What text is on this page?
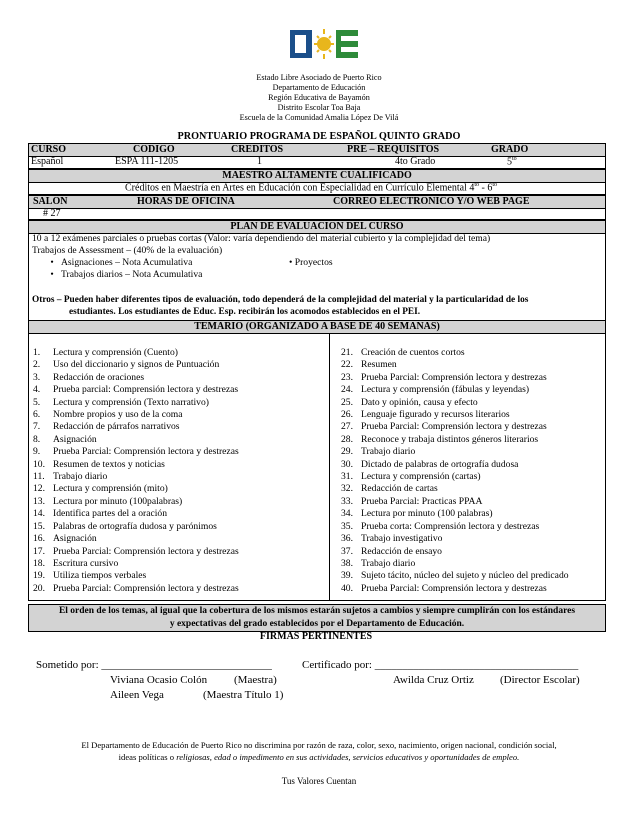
Estado Libre Asociado de Puerto Rico
Departamento de Educación
Región Educativa de Bayamón
Distrito Escolar Toa Baja
Escuela de la Comunidad Amalia López De Vilá
PRONTUARIO PROGRAMA DE ESPAÑOL QUINTO GRADO
CURSO	CODIGO	CREDITOS	PRE – REQUISITOS	GRADO
Español	ESPA 111-1205	1	4to Grado	$5^{to}$
MAESTRO ALTAMENTE CUALIFICADO
Créditos en Maestría en Artes en Educación con Especialidad en Currículo Elemental $4^{to} - 6^{to}$
SALON	HORAS DE OFICINA	CORREO ELECTRONICO Y/O WEB PAGE
# 27
PLAN DE EVALUACION DEL CURSO
10 a 12 exámenes parciales o pruebas cortas (Valor: varía dependiendo del material cubierto y la complejidad del tema)
Trabajos de Assessment – (40% de la evaluación)
• Asignaciones – Nota Acumulativa
• Trabajos diarios – Nota Acumulativa
• Proyectos
Otros – Pueden haber diferentes tipos de evaluación, todo dependerá de la complejidad del material y la particularidad de los
estudiantes. Los estudiantes de Educ. Esp. recibirán los acomodos establecidos en el PEI.
TEMARIO (ORGANIZADO A BASE DE 40 SEMANAS)
1. Lectura y comprensión (Cuento)
2. Uso del diccionario y signos de Puntuación
3. Redacción de oraciones
4. Prueba parcial: Comprensión lectora y destrezas
5. Lectura y comprensión (Texto narrativo)
6. Nombre propios y uso de la coma
7. Redacción de párrafos narrativos
8. Asignación
9. Prueba Parcial: Comprensión lectora y destrezas
10. Resumen de textos y noticias
11. Trabajo diario
12. Lectura y comprensión (mito)
13. Lectura por minuto (100palabras)
14. Identifica partes del a oración
15. Palabras de ortografía dudosa y parónimos
16. Asignación
17. Prueba Parcial: Comprensión lectora y destrezas
18. Escritura cursivo
19. Utiliza tiempos verbales
20. Prueba Parcial: Comprensión lectora y destrezas
21. Creación de cuentos cortos
22. Resumen
23. Prueba Parcial: Comprensión lectora y destrezas
24. Lectura y comprensión (fábulas y leyendas)
25. Dato y opinión, causa y efecto
26. Lenguaje figurado y recursos literarios
27. Prueba Parcial: Comprensión lectora y destrezas
28. Reconoce y trabaja distintos géneros literarios
29. Trabajo diario
30. Dictado de palabras de ortografía dudosa
31. Lectura y comprensión (cartas)
32. Redacción de cartas
33. Prueba Parcial: Practicas PPAA
34. Lectura por minuto (100 palabras)
35. Prueba corta: Comprensión lectora y destrezas
36. Trabajo investigativo
37. Redacción de ensayo
38. Trabajo diario
39. Sujeto tácito, núcleo del sujeto y núcleo del predicado
40. Prueba Parcial: Comprensión lectora y destrezas
El orden de los temas, al igual que la cobertura de los mismos estarán sujetos a cambios y siempre cumplirán con los estándares
y expectativas del grado establecidos por el Departamento de Educación.
FIRMAS PERTINENTES
Sometido por: _______________________________	Certificado por: _____________________________________
Viviana Ocasio Colón (Maestra)
Aileen Vega	(Maestra Título 1)
Awilda Cruz Ortiz (Director Escolar)
El Departamento de Educación de Puerto Rico no discrimina por razón de raza, color, sexo, nacimiento, origen nacional, condición social,
ideas políticas o religiosas, edad o impedimento en sus actividades, servicios educativos y oportunidades de empleo.
Tus Valores Cuentan
